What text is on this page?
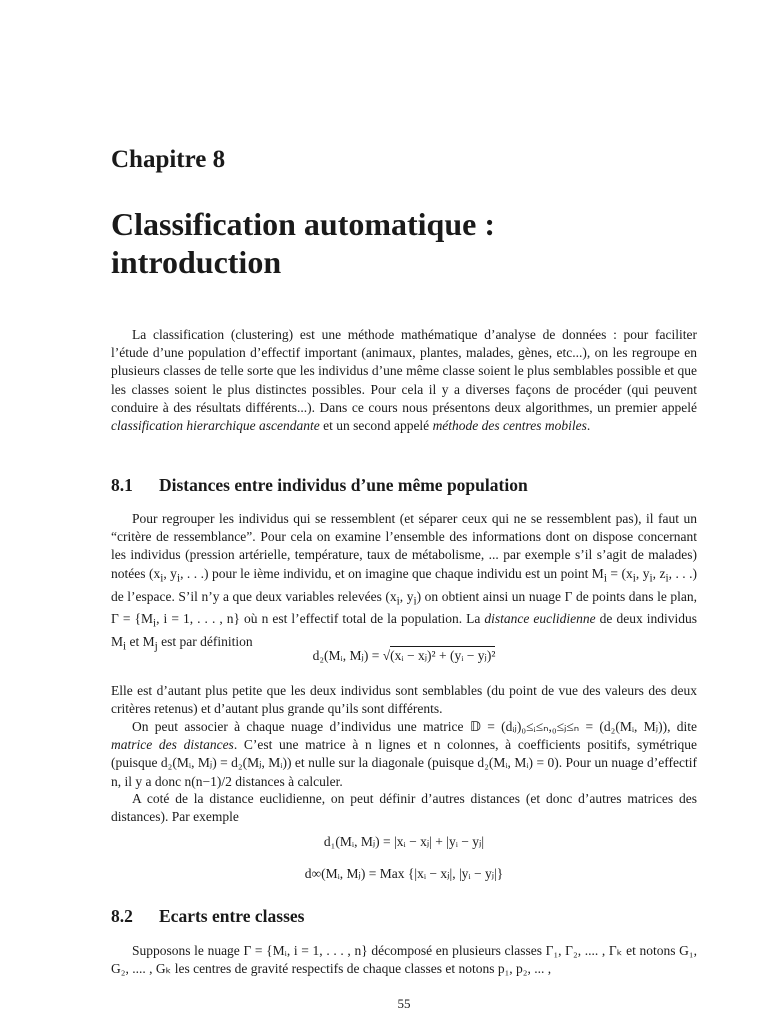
Chapitre 8
Classification automatique :
introduction

La classification (clustering) est une méthode mathématique d’analyse de données : pour faciliter l’étude d’une population d’effectif important (animaux, plantes, malades, gènes, etc...), on les regroupe en plusieurs classes de telle sorte que les individus d’une même classe soient le plus semblables possible et que les classes soient le plus distinctes possibles. Pour cela il y a diverses façons de procéder (qui peuvent conduire à des résultats différents...). Dans ce cours nous présentons deux algorithmes, un premier appelé classification hierarchique ascendante et un second appelé méthode des centres mobiles.

8.1 Distances entre individus d’une même population

Pour regrouper les individus qui se ressemblent (et séparer ceux qui ne se ressemblent pas), il faut un “critère de ressemblance”. Pour cela on examine l’ensemble des informations dont on dispose concernant les individus (pression artérielle, température, taux de métabolisme, ... par exemple s’il s’agit de malades) notées ($x_i$, $y_i$, . . .) pour le ième individu, et on imagine que chaque individu est un point $M_i = (x_i$, $y_i$, $z_i$, . . .) de l’espace. S’il n’y a que deux variables relevées ($x_i$, $y_i$) on obtient ainsi un nuage Γ de points dans le plan, $\Gamma = \{M_i$, i = 1, . . . , n} où n est l’effectif total de la population. La distance euclidienne de deux individus $M_i$ et $M_j$ est par définition

d₂(Mᵢ, Mⱼ) = √(xᵢ − xⱼ)² + (yᵢ − yⱼ)²

Elle est d’autant plus petite que les deux individus sont semblables (du point de vue des valeurs des deux critères retenus) et d’autant plus grande qu’ils sont différents.

On peut associer à chaque nuage d’individus une matrice 𝔻 = (dᵢⱼ)₀≤ᵢ≤ₙ,₀≤ⱼ≤ₙ = (d₂(Mᵢ, Mⱼ)), dite matrice des distances. C’est une matrice à n lignes et n colonnes, à coefficients positifs, symétrique (puisque d₂(Mᵢ, Mⱼ) = d₂(Mⱼ, Mᵢ)) et nulle sur la diagonale (puisque d₂(Mᵢ, Mᵢ) = 0). Pour un nuage d’effectif n, il y a donc n(n−1)/2 distances à calculer.

A coté de la distance euclidienne, on peut définir d’autres distances (et donc d’autres matrices des distances). Par exemple

d₁(Mᵢ, Mⱼ) = |xᵢ − xⱼ| + |yᵢ − yⱼ|
d∞(Mᵢ, Mⱼ) = Max {|xᵢ − xⱼ|, |yᵢ − yⱼ|}
8.2 Ecarts entre classes

Supposons le nuage Γ = {Mᵢ, i = 1, . . . , n} décomposé en plusieurs classes Γ₁, Γ₂, .... , Γₖ et notons G₁, G₂, .... , Gₖ les centres de gravité respectifs de chaque classes et notons p₁, p₂, ... ,

55
